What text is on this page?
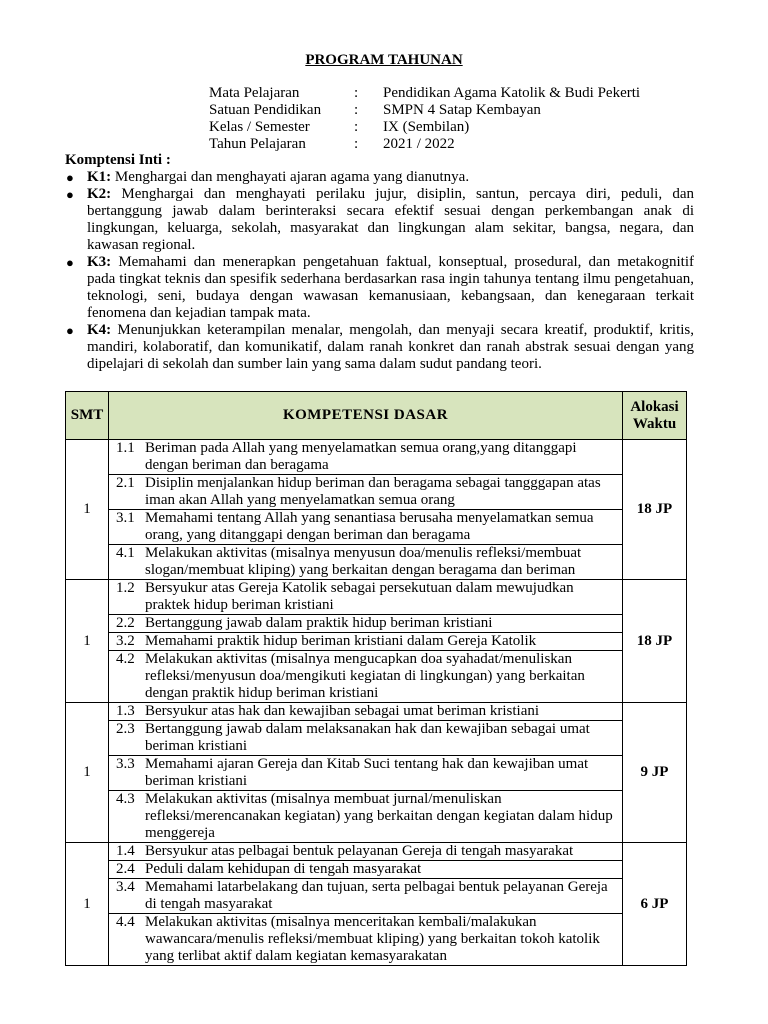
PROGRAM TAHUNAN
Mata Pelajaran	: Pendidikan Agama Katolik & Budi Pekerti
Satuan Pendidikan : SMPN 4 Satap Kembayan
Kelas / Semester	: IX (Sembilan)
Tahun Pelajaran	: 2021 / 2022
Komptensi Inti :
● K1: Menghargai dan menghayati ajaran agama yang dianutnya.
● K2: Menghargai dan menghayati perilaku jujur, disiplin, santun, percaya diri, peduli, dan bertanggung jawab dalam berinteraksi secara efektif sesuai dengan perkembangan anak di lingkungan, keluarga, sekolah, masyarakat dan lingkungan alam sekitar, bangsa, negara, dan kawasan regional.
● K3: Memahami dan menerapkan pengetahuan faktual, konseptual, prosedural, dan metakognitif pada tingkat teknis dan spesifik sederhana berdasarkan rasa ingin tahunya tentang ilmu pengetahuan, teknologi, seni, budaya dengan wawasan kemanusiaan, kebangsaan, dan kenegaraan terkait fenomena dan kejadian tampak mata.
● K4: Menunjukkan keterampilan menalar, mengolah, dan menyaji secara kreatif, produktif, kritis, mandiri, kolaboratif, dan komunikatif, dalam ranah konkret dan ranah abstrak sesuai dengan yang dipelajari di sekolah dan sumber lain yang sama dalam sudut pandang teori.
SMT	KOMPETENSI DASAR	Alokasi
Waktu
1	1.1 Beriman pada Allah yang menyelamatkan semua orang,yang ditanggapi dengan beriman dan beragama	18 JP

	2.1 Disiplin menjalankan hidup beriman dan beragama sebagai tangggapan atas iman akan Allah yang menyelamatkan semua orang	

	3.1 Memahami tentang Allah yang senantiasa berusaha menyelamatkan semua orang, yang ditanggapi dengan beriman dan beragama	

	4.1 Melakukan aktivitas (misalnya menyusun doa/menulis refleksi/membuat slogan/membuat kliping) yang berkaitan dengan beragama dan beriman	

1	1.2 Bersyukur atas Gereja Katolik sebagai persekutuan dalam mewujudkan praktek hidup beriman kristiani	18 JP

	2.2 Bertanggung jawab dalam praktik hidup beriman kristiani	

	3.2 Memahami praktik hidup beriman kristiani dalam Gereja Katolik	

	4.2 Melakukan aktivitas (misalnya mengucapkan doa syahadat/menuliskan refleksi/menyusun doa/mengikuti kegiatan di lingkungan) yang berkaitan dengan praktik hidup beriman kristiani	

1	1.3 Bersyukur atas hak dan kewajiban sebagai umat beriman kristiani	9 JP

	2.3 Bertanggung jawab dalam melaksanakan hak dan kewajiban sebagai umat beriman kristiani	

	3.3 Memahami ajaran Gereja dan Kitab Suci tentang hak dan kewajiban umat beriman kristiani	

	4.3 Melakukan aktivitas (misalnya membuat jurnal/menuliskan refleksi/merencanakan kegiatan) yang berkaitan dengan kegiatan dalam hidup menggereja	

1	1.4 Bersyukur atas pelbagai bentuk pelayanan Gereja di tengah masyarakat	6 JP

	2.4 Peduli dalam kehidupan di tengah masyarakat	

	3.4 Memahami latarbelakang dan tujuan, serta pelbagai bentuk pelayanan Gereja di tengah masyarakat	

	4.4 Melakukan aktivitas (misalnya menceritakan kembali/malakukan wawancara/menulis refleksi/membuat kliping) yang berkaitan tokoh katolik yang terlibat aktif dalam kegiatan kemasyarakatan	
